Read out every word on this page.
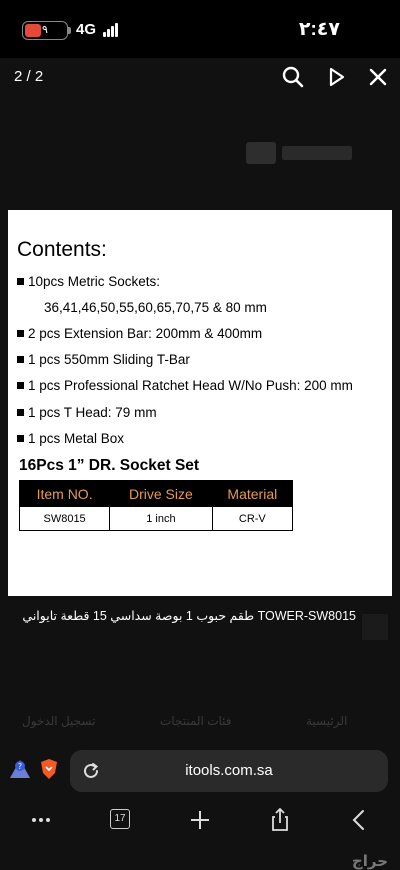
٩	4G	٢:٤٧
2 / 2
Contents:
10pcs Metric Sockets:
36,41,46,50,55,60,65,70,75 & 80 mm
2 pcs Extension Bar: 200mm & 400mm
1 pcs 550mm Sliding T-Bar
1 pcs Professional Ratchet Head W/No Push: 200 mm
1 pcs T Head: 79 mm
1 pcs Metal Box
16Pcs 1” DR. Socket Set
Item NO.	Drive Size	Material
SW8015	1 inch	CR-V
TOWER-SW8015 طقم حبوب 1 بوصة سداسي 15 قطعة تايواني
تسجيل الدخول	فئات المنتجات	الرئيسية
?	itools.com.sa
17
حراج
